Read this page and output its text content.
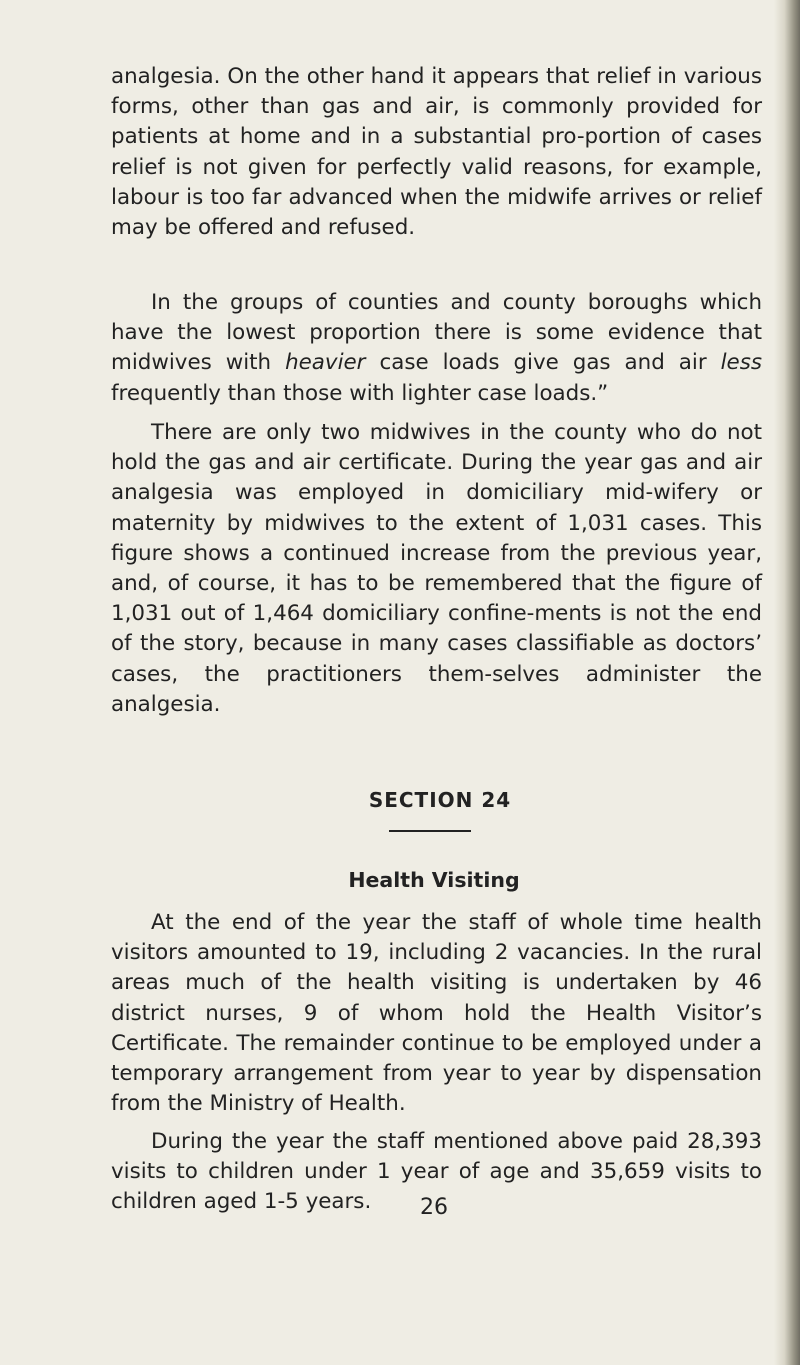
analgesia. On the other hand it appears that relief in various forms, other than gas and air, is commonly provided for patients at home and in a substantial pro-portion of cases relief is not given for perfectly valid reasons, for example, labour is too far advanced when the midwife arrives or relief may be offered and refused.

In the groups of counties and county boroughs which have the lowest proportion there is some evidence that midwives with heavier case loads give gas and air less frequently than those with lighter case loads.”

There are only two midwives in the county who do not hold the gas and air certificate. During the year gas and air analgesia was employed in domiciliary mid-wifery or maternity by midwives to the extent of 1,031 cases. This figure shows a continued increase from the previous year, and, of course, it has to be remembered that the figure of 1,031 out of 1,464 domiciliary confine-ments is not the end of the story, because in many cases classifiable as doctors’ cases, the practitioners them-selves administer the analgesia.

SECTION 24
Health Visiting

At the end of the year the staff of whole time health visitors amounted to 19, including 2 vacancies. In the rural areas much of the health visiting is undertaken by 46 district nurses, 9 of whom hold the Health Visitor’s Certificate. The remainder continue to be employed under a temporary arrangement from year to year by dispensation from the Ministry of Health.

During the year the staff mentioned above paid 28,393 visits to children under 1 year of age and 35,659 visits to children aged 1-5 years.	26
